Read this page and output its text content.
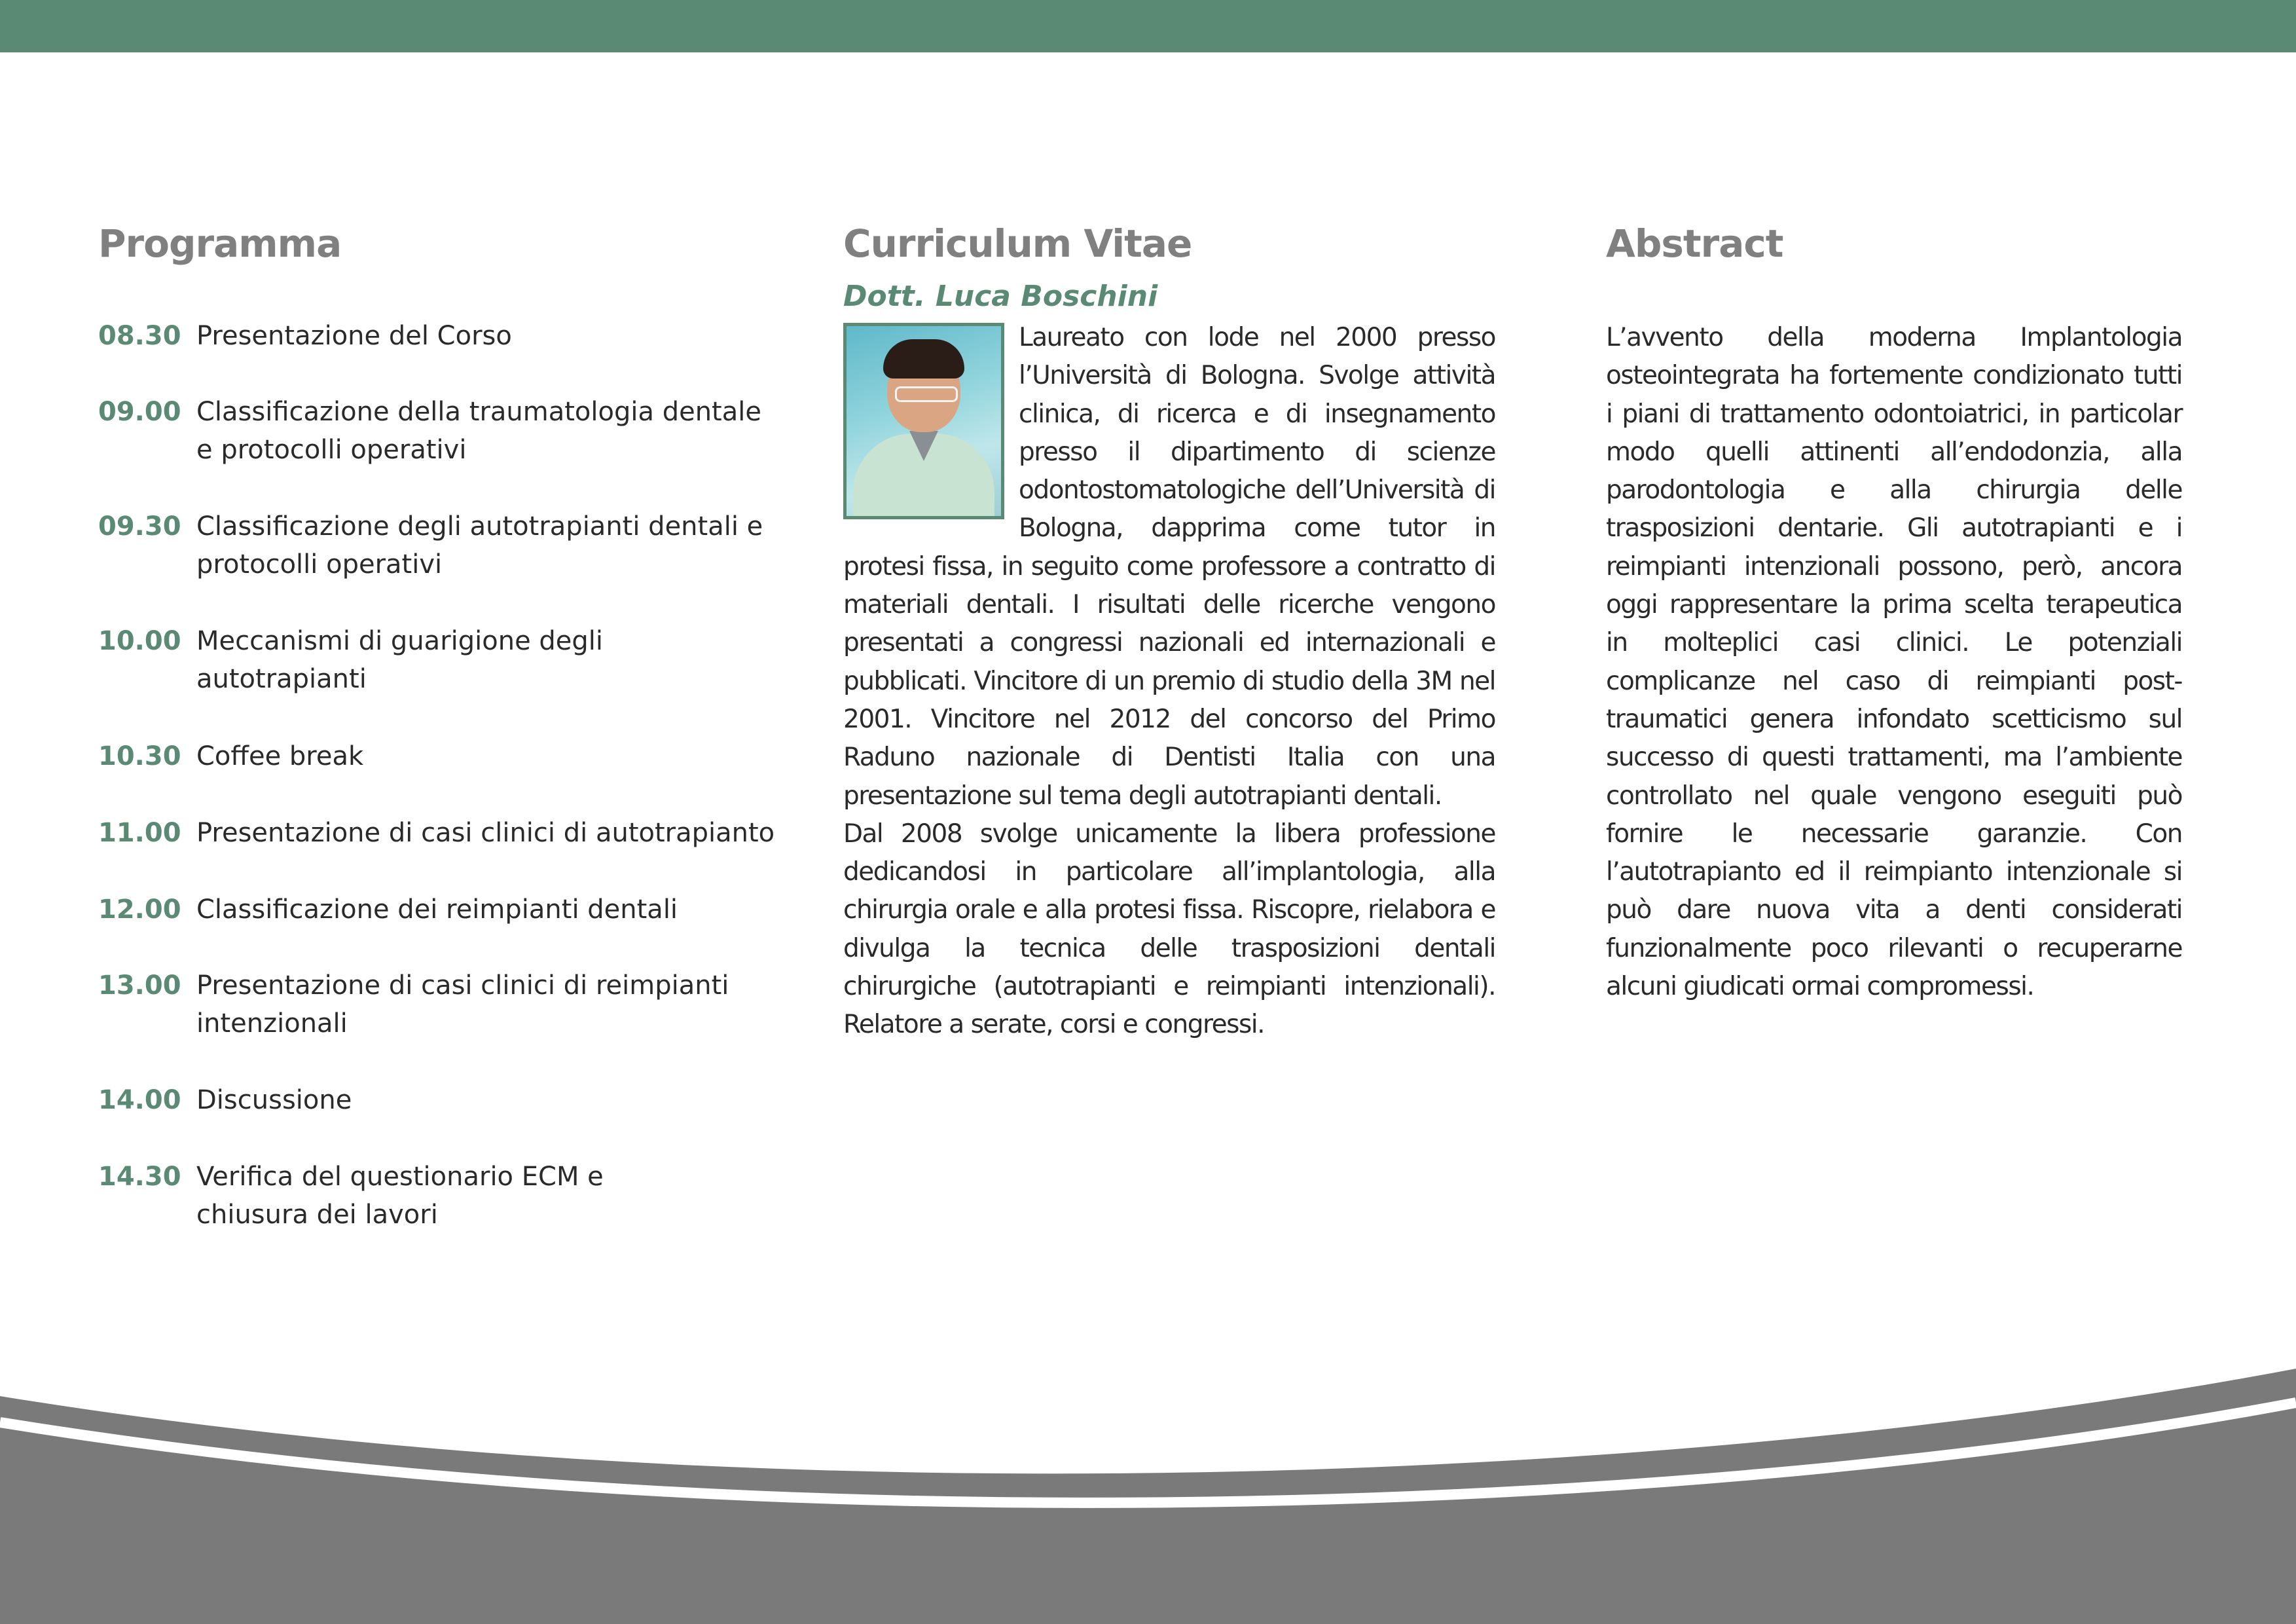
Programma
08.30 Presentazione del Corso
09.00 Classificazione della traumatologia dentale
e protocolli operativi
09.30 Classificazione degli autotrapianti dentali e
protocolli operativi
10.00 Meccanismi di guarigione degli
autotrapianti
10.30 Coffee break
11.00 Presentazione di casi clinici di autotrapianto
12.00 Classificazione dei reimpianti dentali
13.00 Presentazione di casi clinici di reimpianti
intenzionali
14.00 Discussione
14.30 Verifica del questionario ECM e
chiusura dei lavori
Curriculum Vitae
Dott. Luca Boschini
Laureato con lode nel 2000 presso l’Università di Bologna. Svolge attività clinica, di ricerca e di insegnamento presso il dipartimento di scienze odontostomatologiche dell’Università di Bologna, dapprima come tutor in protesi fissa, in seguito come professore a contratto di materiali dentali. I risultati delle ricerche vengono presentati a congressi nazionali ed internazionali e pubblicati. Vincitore di un premio di studio della 3M nel 2001. Vincitore nel 2012 del concorso del Primo Raduno nazionale di Dentisti Italia con una presentazione sul tema degli autotrapianti dentali.
Dal 2008 svolge unicamente la libera professione dedicandosi in particolare all’implantologia, alla chirurgia orale e alla protesi fissa. Riscopre, rielabora e divulga la tecnica delle trasposizioni dentali chirurgiche (autotrapianti e reimpianti intenzionali). Relatore a serate, corsi e congressi.
Abstract

L’avvento della moderna Implantologia osteointegrata ha fortemente condizionato tutti i piani di trattamento odontoiatrici, in particolar modo quelli attinenti all’endodonzia, alla parodontologia e alla chirurgia delle trasposizioni dentarie. Gli autotrapianti e i reimpianti intenzionali possono, però, ancora oggi rappresentare la prima scelta terapeutica in molteplici casi clinici. Le potenziali complicanze nel caso di reimpianti post-traumatici genera infondato scetticismo sul successo di questi trattamenti, ma l’ambiente controllato nel quale vengono eseguiti può fornire le necessarie garanzie. Con l’autotrapianto ed il reimpianto intenzionale si può dare nuova vita a denti considerati funzionalmente poco rilevanti o recuperarne alcuni giudicati ormai compromessi.
